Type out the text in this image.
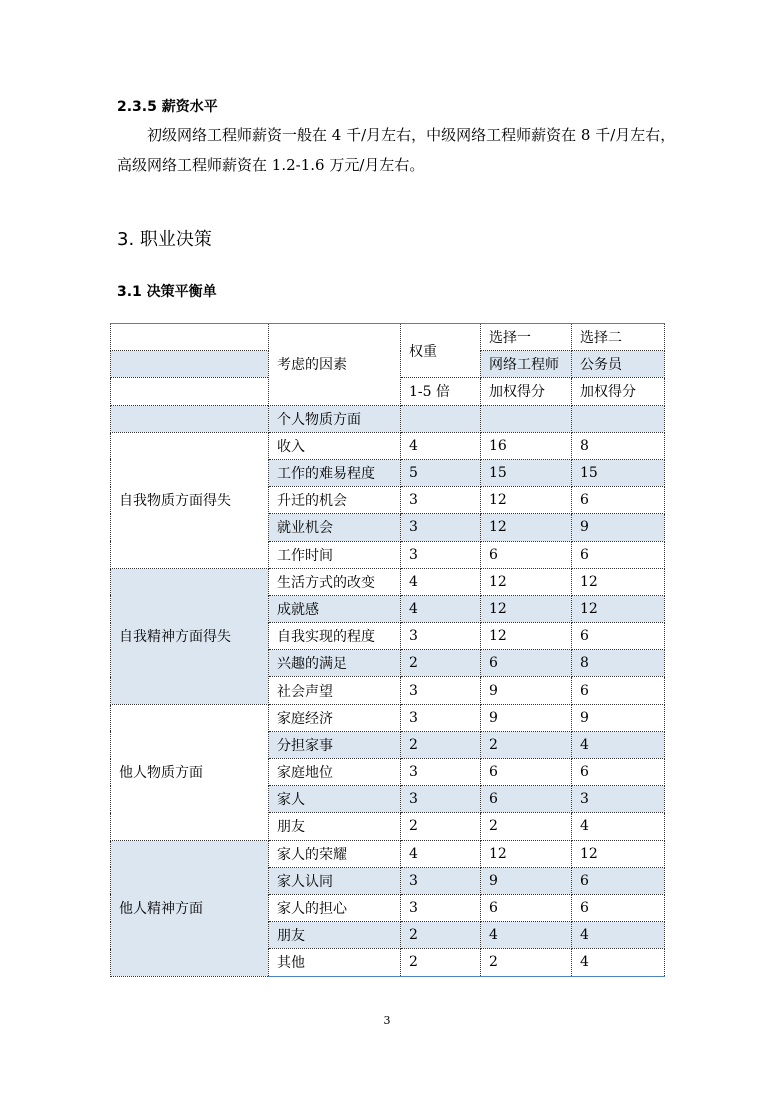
2.3.5 薪资水平
初级网络工程师薪资一般在 4 千/月左右，中级网络工程师薪资在 8 千/月左右，高级网络工程师薪资在 1.2-1.6 万元/月左右。
3. 职业决策
3.1 决策平衡单
	考虑的因素	权重	选择一	选择二
			网络工程师	公务员
		1-5 倍	加权得分	加权得分
	个人物质方面			
自我物质方面得失	收入	4	16	8
	工作的难易程度	5	15	15
	升迁的机会	3	12	6
	就业机会	3	12	9
	工作时间	3	6	6
自我精神方面得失	生活方式的改变	4	12	12
	成就感	4	12	12
	自我实现的程度	3	12	6
	兴趣的满足	2	6	8
	社会声望	3	9	6
他人物质方面	家庭经济	3	9	9
	分担家事	2	2	4
	家庭地位	3	6	6
	家人	3	6	3
	朋友	2	2	4
他人精神方面	家人的荣耀	4	12	12
	家人认同	3	9	6
	家人的担心	3	6	6
	朋友	2	4	4
	其他	2	2	4
3
